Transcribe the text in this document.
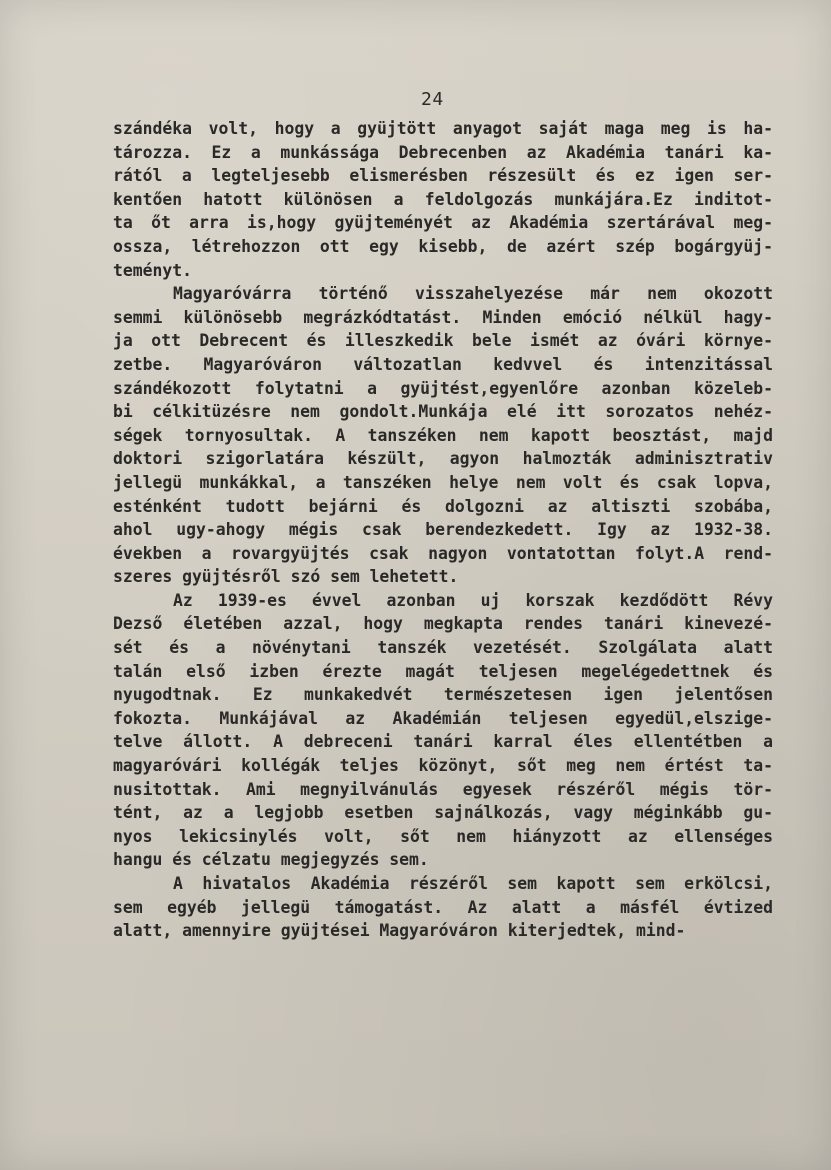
24
szándéka volt, hogy a gyüjtött anyagot saját maga meg is ha-
tározza. Ez a munkássága Debrecenben az Akadémia tanári ka-
rától a legteljesebb elismerésben részesült és ez igen ser-
kentően hatott különösen a feldolgozás munkájára.Ez inditot-
ta őt arra is,hogy gyüjteményét az Akadémia szertárával meg-
ossza, létrehozzon ott egy kisebb, de azért szép bogárgyüj-
teményt.
Magyaróvárra történő visszahelyezése már nem okozott
semmi különösebb megrázkódtatást. Minden emóció nélkül hagy-
ja ott Debrecent és illeszkedik bele ismét az óvári környe-
zetbe. Magyaróváron változatlan kedvvel és intenzitással
szándékozott folytatni a gyüjtést,egyenlőre azonban közeleb-
bi célkitüzésre nem gondolt.Munkája elé itt sorozatos nehéz-
ségek tornyosultak. A tanszéken nem kapott beosztást, majd
doktori szigorlatára készült, agyon halmozták adminisztrativ
jellegü munkákkal, a tanszéken helye nem volt és csak lopva,
esténként tudott bejárni és dolgozni az altiszti szobába,
ahol ugy-ahogy mégis csak berendezkedett. Igy az 1932-38.
években a rovargyüjtés csak nagyon vontatottan folyt.A rend-
szeres gyüjtésről szó sem lehetett.
Az 1939-es évvel azonban uj korszak kezdődött Révy
Dezső életében azzal, hogy megkapta rendes tanári kinevezé-
sét és a növénytani tanszék vezetését. Szolgálata alatt
talán első izben érezte magát teljesen megelégedettnek és
nyugodtnak. Ez munkakedvét természetesen igen jelentősen
fokozta. Munkájával az Akadémián teljesen egyedül,elszige-
telve állott. A debreceni tanári karral éles ellentétben a
magyaróvári kollégák teljes közönyt, sőt meg nem értést ta-
nusitottak. Ami megnyilvánulás egyesek részéről mégis tör-
tént, az a legjobb esetben sajnálkozás, vagy méginkább gu-
nyos lekicsinylés volt, sőt nem hiányzott az ellenséges
hangu és célzatu megjegyzés sem.
A hivatalos Akadémia részéről sem kapott sem erkölcsi,
sem egyéb jellegü támogatást. Az alatt a másfél évtized
alatt, amennyire gyüjtései Magyaróváron kiterjedtek, mind-
